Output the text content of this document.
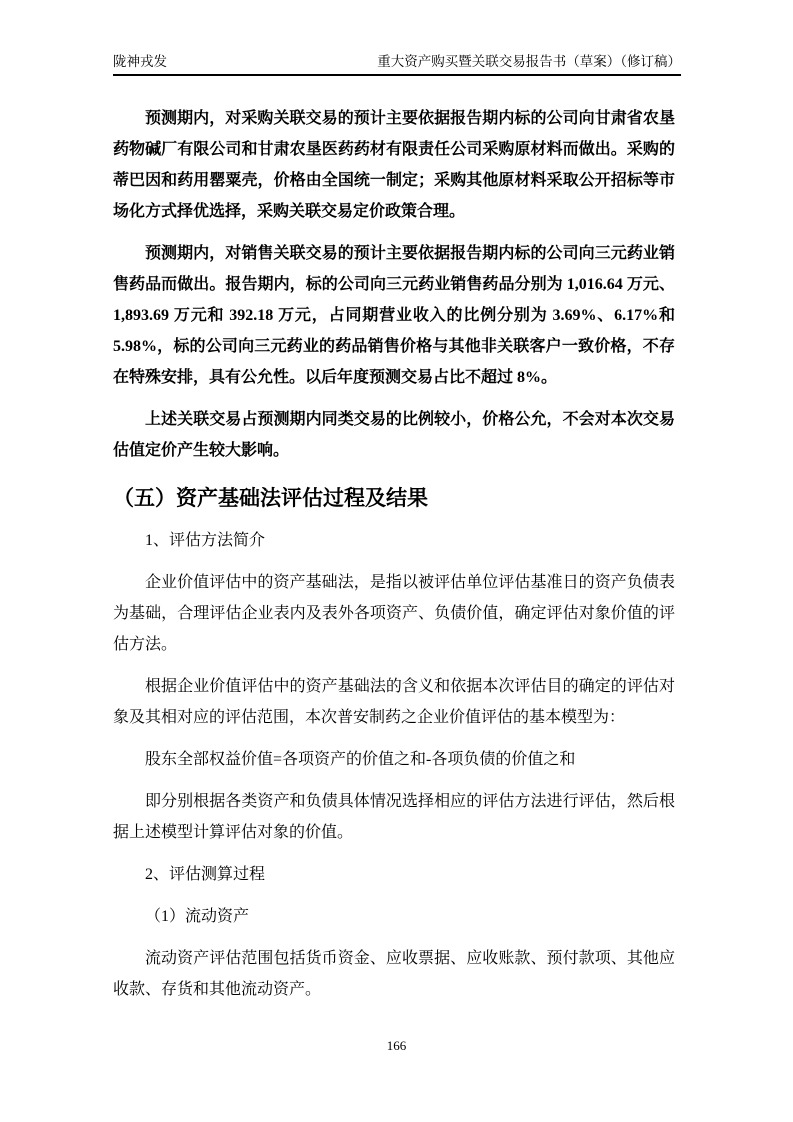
陇神戎发	重大资产购买暨关联交易报告书（草案）（修订稿）

预测期内，对采购关联交易的预计主要依据报告期内标的公司向甘肃省农垦药物碱厂有限公司和甘肃农垦医药药材有限责任公司采购原材料而做出。采购的蒂巴因和药用罂粟壳，价格由全国统一制定；采购其他原材料采取公开招标等市场化方式择优选择，采购关联交易定价政策合理。

预测期内，对销售关联交易的预计主要依据报告期内标的公司向三元药业销售药品而做出。报告期内，标的公司向三元药业销售药品分别为 1,016.64 万元、1,893.69 万元和 392.18 万元，占同期营业收入的比例分别为 3.69%、6.17%和 5.98%，标的公司向三元药业的药品销售价格与其他非关联客户一致价格，不存在特殊安排，具有公允性。以后年度预测交易占比不超过 8%。

上述关联交易占预测期内同类交易的比例较小，价格公允，不会对本次交易估值定价产生较大影响。

（五）资产基础法评估过程及结果

1、评估方法简介

企业价值评估中的资产基础法，是指以被评估单位评估基准日的资产负债表为基础，合理评估企业表内及表外各项资产、负债价值，确定评估对象价值的评估方法。

根据企业价值评估中的资产基础法的含义和依据本次评估目的确定的评估对象及其相对应的评估范围，本次普安制药之企业价值评估的基本模型为：

股东全部权益价值=各项资产的价值之和-各项负债的价值之和

即分别根据各类资产和负债具体情况选择相应的评估方法进行评估，然后根据上述模型计算评估对象的价值。

2、评估测算过程

（1）流动资产

流动资产评估范围包括货币资金、应收票据、应收账款、预付款项、其他应收款、存货和其他流动资产。

166
